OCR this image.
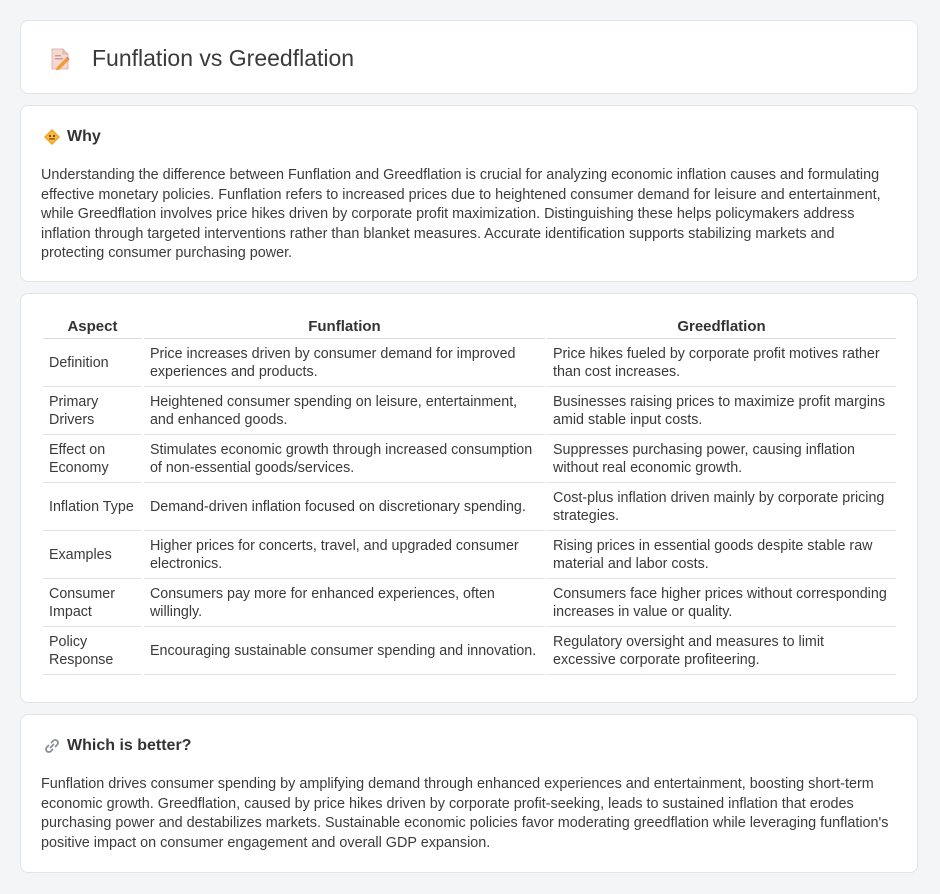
Funflation vs Greedflation
Why

Understanding the difference between Funflation and Greedflation is crucial for analyzing economic inflation causes and formulating effective monetary policies. Funflation refers to increased prices due to heightened consumer demand for leisure and entertainment, while Greedflation involves price hikes driven by corporate profit maximization. Distinguishing these helps policymakers address inflation through targeted interventions rather than blanket measures. Accurate identification supports stabilizing markets and protecting consumer purchasing power.

Aspect	Funflation	Greedflation
Definition	Price increases driven by consumer demand for improved experiences and products.	Price hikes fueled by corporate profit motives rather than cost increases.
Primary Drivers	Heightened consumer spending on leisure, entertainment, and enhanced goods.	Businesses raising prices to maximize profit margins amid stable input costs.
Effect on Economy	Stimulates economic growth through increased consumption of non-essential goods/services.	Suppresses purchasing power, causing inflation without real economic growth.
Inflation Type	Demand-driven inflation focused on discretionary spending.	Cost-plus inflation driven mainly by corporate pricing strategies.
Examples	Higher prices for concerts, travel, and upgraded consumer electronics.	Rising prices in essential goods despite stable raw material and labor costs.
Consumer Impact	Consumers pay more for enhanced experiences, often willingly.	Consumers face higher prices without corresponding increases in value or quality.
Policy Response	Encouraging sustainable consumer spending and innovation.	Regulatory oversight and measures to limit excessive corporate profiteering.
Which is better?

Funflation drives consumer spending by amplifying demand through enhanced experiences and entertainment, boosting short-term economic growth. Greedflation, caused by price hikes driven by corporate profit-seeking, leads to sustained inflation that erodes purchasing power and destabilizes markets. Sustainable economic policies favor moderating greedflation while leveraging funflation's positive impact on consumer engagement and overall GDP expansion.
